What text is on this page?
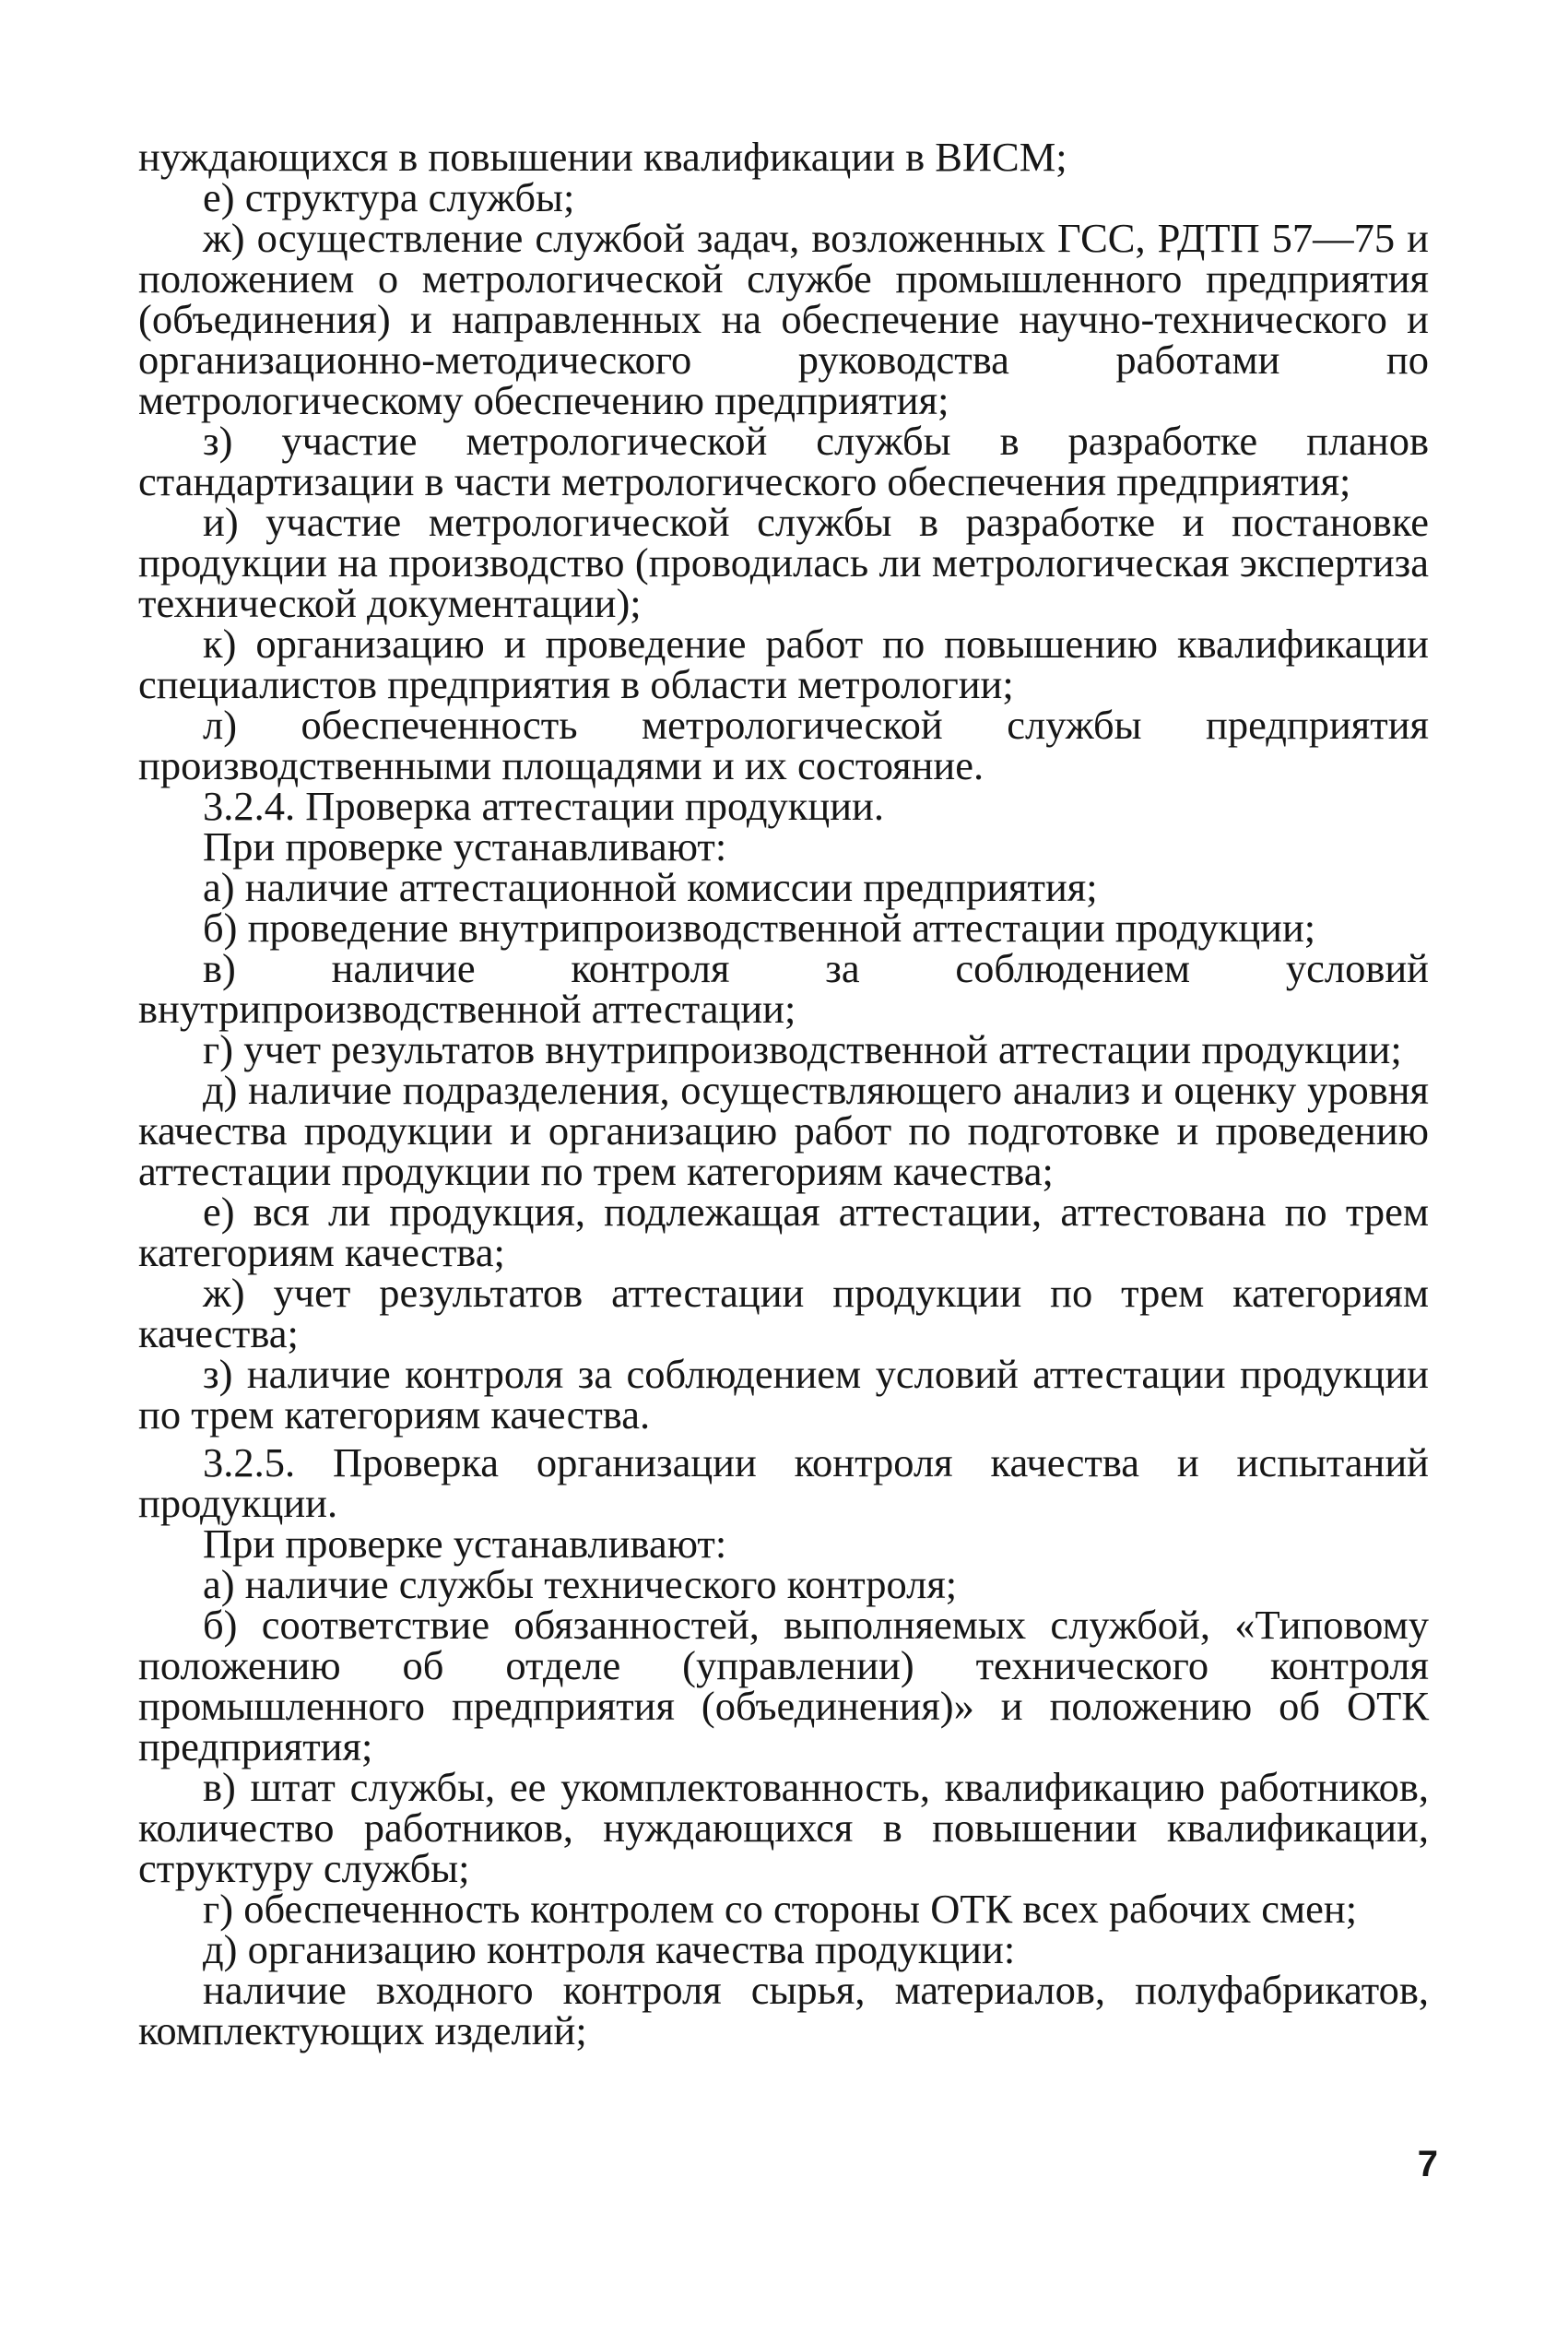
нуждающихся в повышении квалификации в ВИСМ;

е) структура службы;

ж) осуществление службой задач, возложенных ГСС, РДТП 57—75 и положением о метрологической службе промышленного предприятия (объединения) и направленных на обеспечение научно-технического и организационно-методического руководства работами по метрологическому обеспечению предприятия;

з) участие метрологической службы в разработке планов стандартизации в части метрологического обеспечения предприятия;

и) участие метрологической службы в разработке и постановке продукции на производство (проводилась ли метрологическая экспертиза технической документации);

к) организацию и проведение работ по повышению квалификации специалистов предприятия в области метрологии;

л) обеспеченность метрологической службы предприятия производственными площадями и их состояние.

3.2.4. Проверка аттестации продукции.

При проверке устанавливают:

а) наличие аттестационной комиссии предприятия;

б) проведение внутрипроизводственной аттестации продукции;

в) наличие контроля за соблюдением условий внутрипроизводственной аттестации;

г) учет результатов внутрипроизводственной аттестации продукции;

д) наличие подразделения, осуществляющего анализ и оценку уровня качества продукции и организацию работ по подготовке и проведению аттестации продукции по трем категориям качества;

е) вся ли продукция, подлежащая аттестации, аттестована по трем категориям качества;

ж) учет результатов аттестации продукции по трем категориям качества;

з) наличие контроля за соблюдением условий аттестации продукции по трем категориям качества.

3.2.5. Проверка организации контроля качества и испытаний продукции.

При проверке устанавливают:

а) наличие службы технического контроля;

б) соответствие обязанностей, выполняемых службой, «Типовому положению об отделе (управлении) технического контроля промышленного предприятия (объединения)» и положению об ОТК предприятия;

в) штат службы, ее укомплектованность, квалификацию работников, количество работников, нуждающихся в повышении квалификации, структуру службы;

г) обеспеченность контролем со стороны ОТК всех рабочих смен;

д) организацию контроля качества продукции:

наличие входного контроля сырья, материалов, полуфабрикатов, комплектующих изделий;

7
